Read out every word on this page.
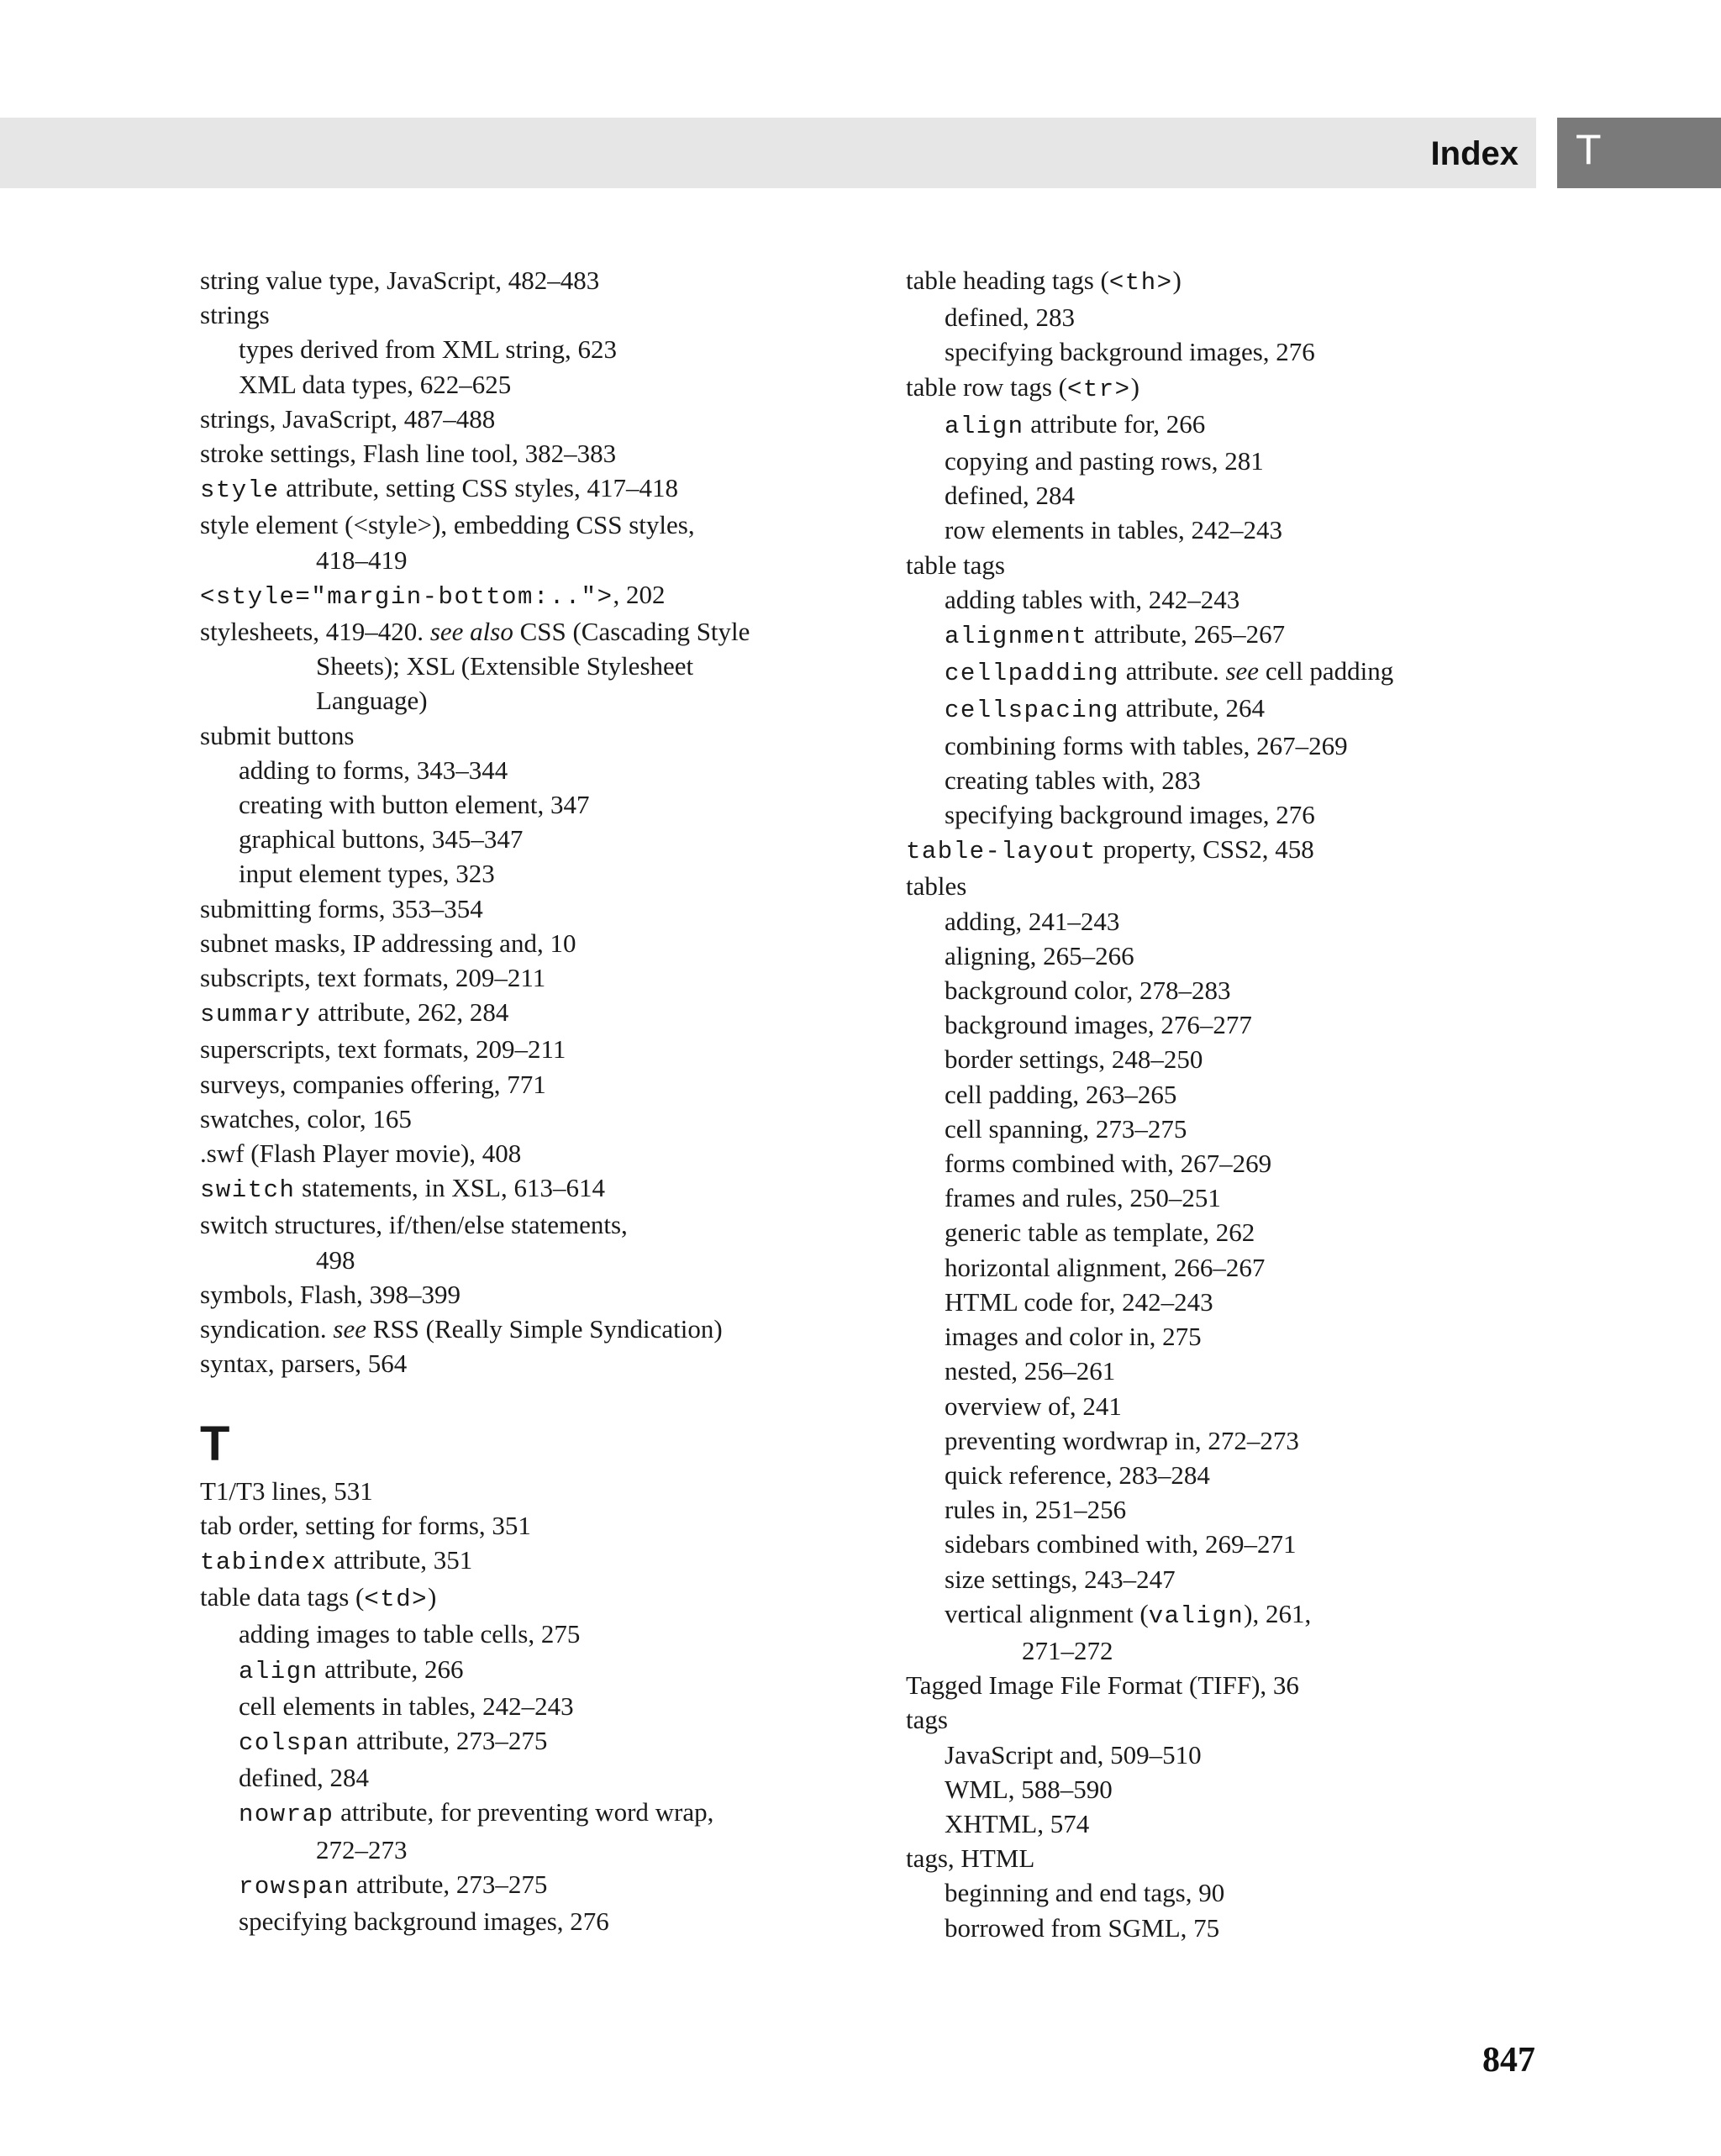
Index T
string value type, JavaScript, 482–483
strings
types derived from XML string, 623
XML data types, 622–625
strings, JavaScript, 487–488
stroke settings, Flash line tool, 382–383
style attribute, setting CSS styles, 417–418
style element (<style>), embedding CSS styles,
418–419
<style="margin-bottom:..">, 202
stylesheets, 419–420. see also CSS (Cascading Style
Sheets); XSL (Extensible Stylesheet
Language)
submit buttons
adding to forms, 343–344
creating with button element, 347
graphical buttons, 345–347
input element types, 323
submitting forms, 353–354
subnet masks, IP addressing and, 10
subscripts, text formats, 209–211
summary attribute, 262, 284
superscripts, text formats, 209–211
surveys, companies offering, 771
swatches, color, 165
.swf (Flash Player movie), 408
switch statements, in XSL, 613–614
switch structures, if/then/else statements,
498
symbols, Flash, 398–399
syndication. see RSS (Really Simple Syndication)
syntax, parsers, 564
T
T1/T3 lines, 531
tab order, setting for forms, 351
tabindex attribute, 351
table data tags (<td>)
adding images to table cells, 275
align attribute, 266
cell elements in tables, 242–243
colspan attribute, 273–275
defined, 284
nowrap attribute, for preventing word wrap,
272–273
rowspan attribute, 273–275
specifying background images, 276
table heading tags (<th>)
defined, 283
specifying background images, 276
table row tags (<tr>)
align attribute for, 266
copying and pasting rows, 281
defined, 284
row elements in tables, 242–243
table tags
adding tables with, 242–243
alignment attribute, 265–267
cellpadding attribute. see cell padding
cellspacing attribute, 264
combining forms with tables, 267–269
creating tables with, 283
specifying background images, 276
table-layout property, CSS2, 458
tables
adding, 241–243
aligning, 265–266
background color, 278–283
background images, 276–277
border settings, 248–250
cell padding, 263–265
cell spanning, 273–275
forms combined with, 267–269
frames and rules, 250–251
generic table as template, 262
horizontal alignment, 266–267
HTML code for, 242–243
images and color in, 275
nested, 256–261
overview of, 241
preventing wordwrap in, 272–273
quick reference, 283–284
rules in, 251–256
sidebars combined with, 269–271
size settings, 243–247
vertical alignment (valign), 261,
271–272
Tagged Image File Format (TIFF), 36
tags
JavaScript and, 509–510
WML, 588–590
XHTML, 574
tags, HTML
beginning and end tags, 90
borrowed from SGML, 75
847
